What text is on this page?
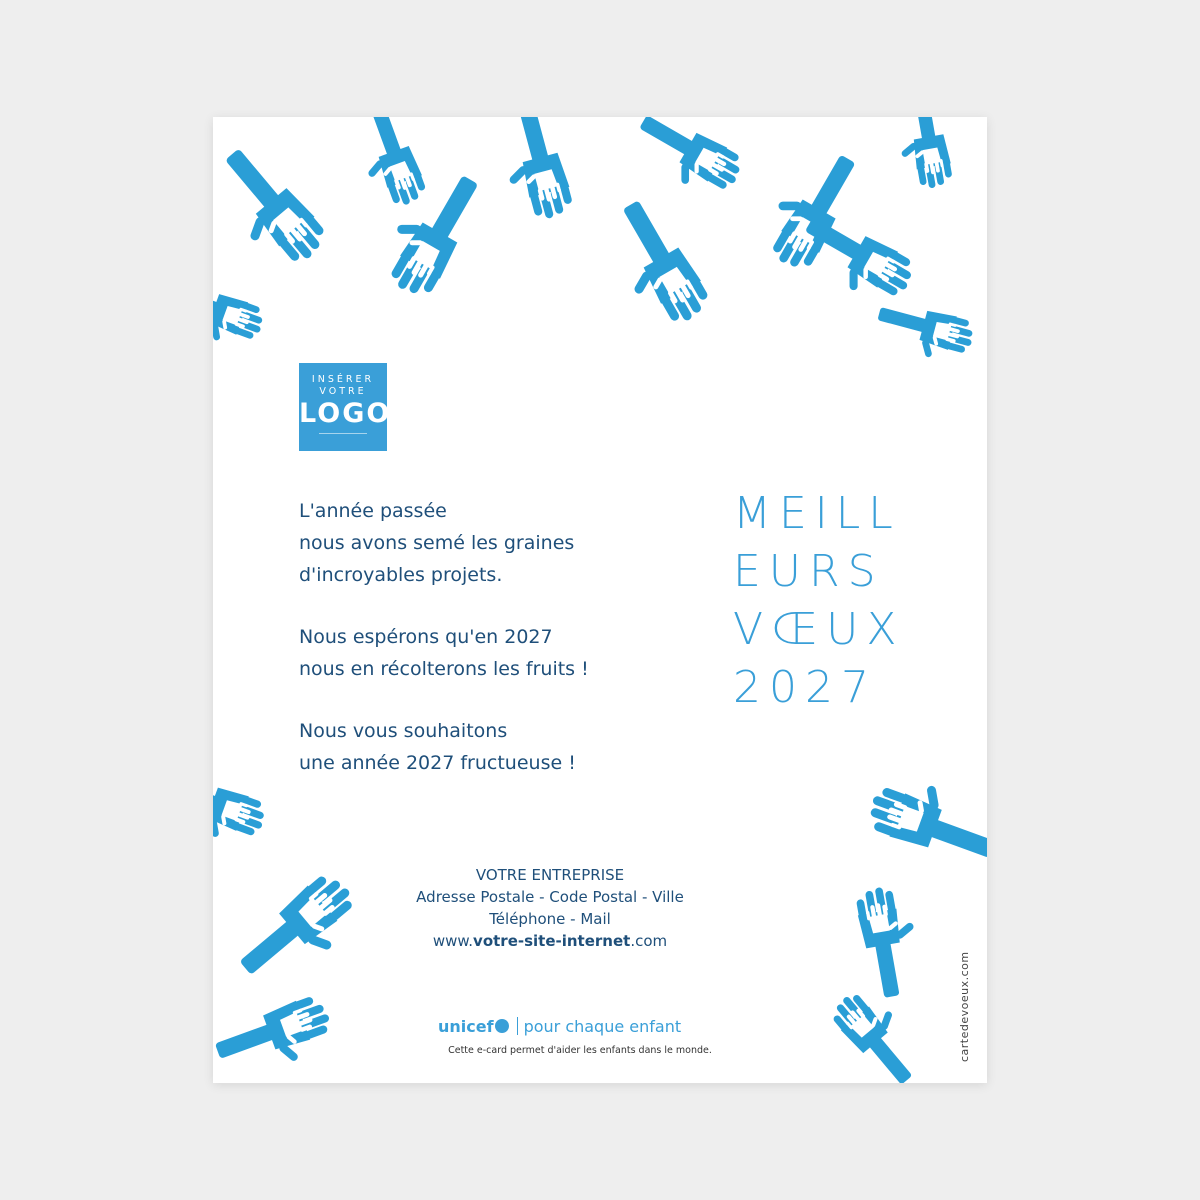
INSÉRER
VOTRE
LOGO

L'année passée
nous avons semé les graines
d'incroyables projets.

Nous espérons qu'en 2027
nous en récolterons les fruits !

Nous vous souhaitons
une année 2027 fructueuse !

MEILL
EURS
VŒUX
2027
VOTRE ENTREPRISE
Adresse Postale - Code Postal - Ville
Téléphone - Mail
www.votre-site-internet.com
unicef pour chaque enfant
Cette e-card permet d'aider les enfants dans le monde.	cartedevoeux.com
